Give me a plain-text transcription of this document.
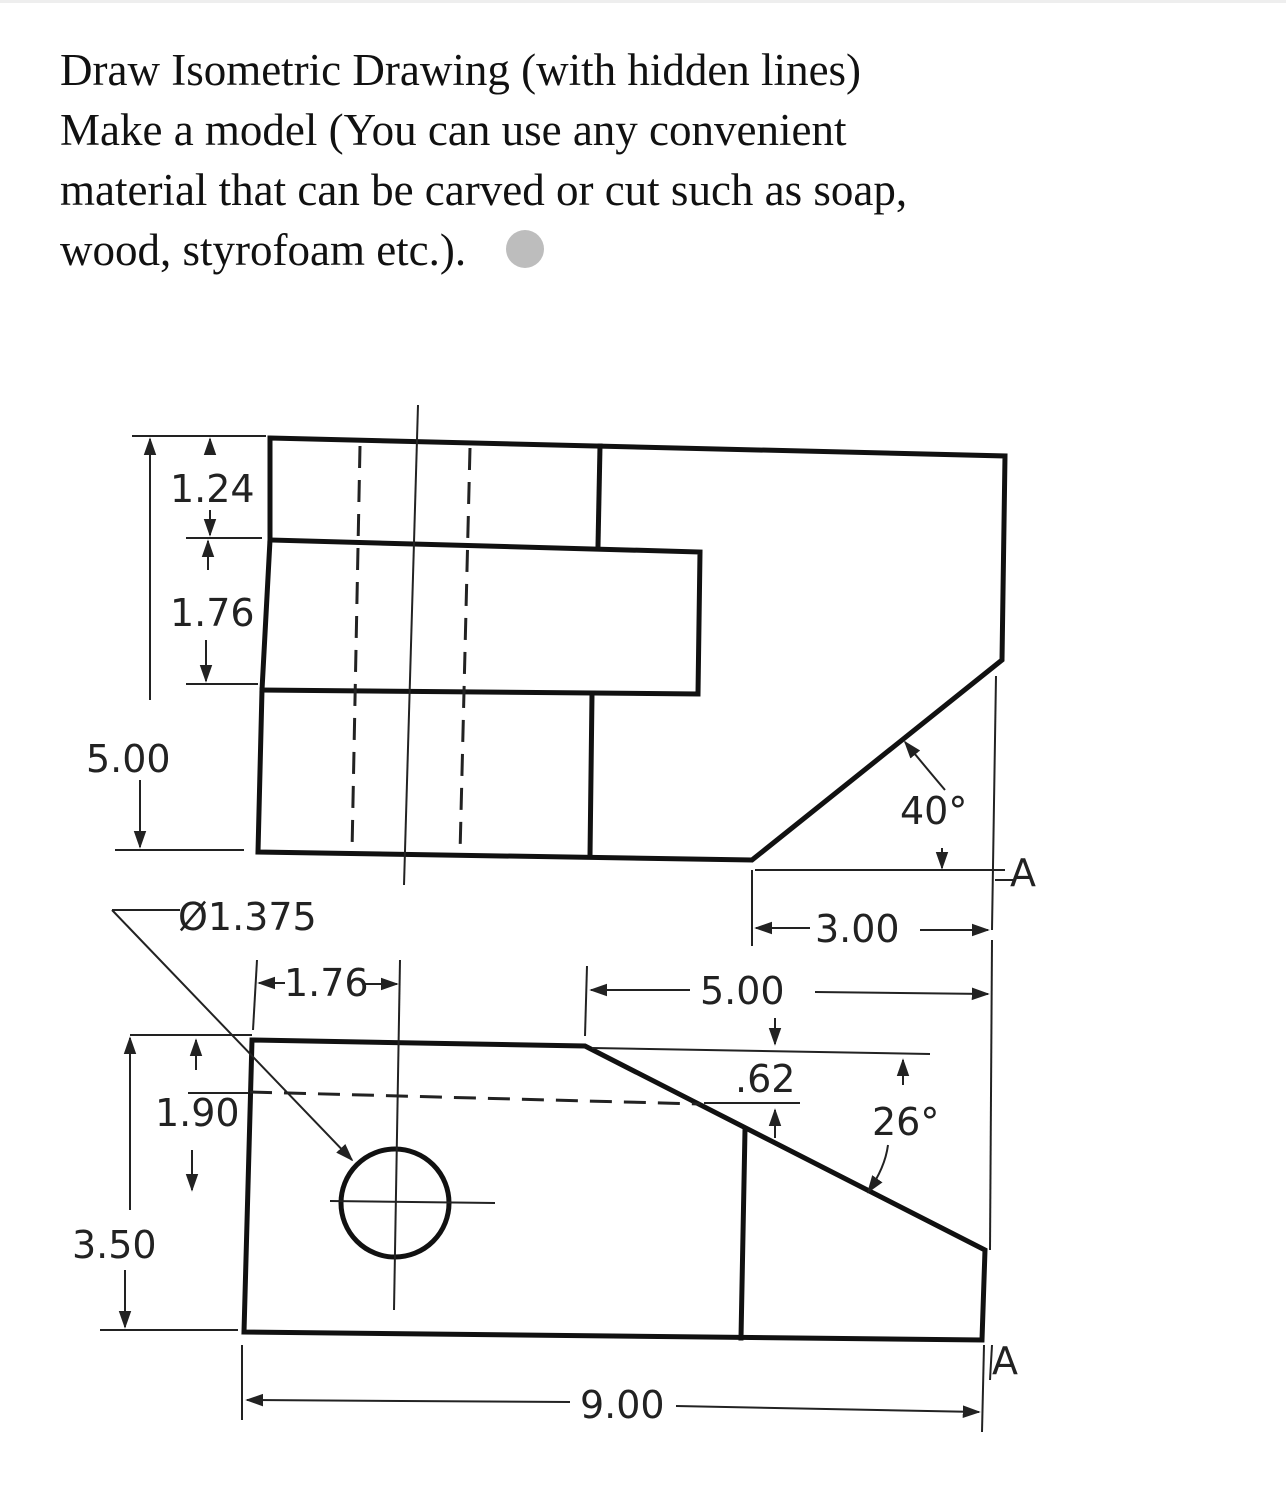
Draw Isometric Drawing (with hidden lines)
Make a model (You can use any convenient
material that can be carved or cut such as soap,
wood, styrofoam etc.).
1.24
1.76
5.00
40°
A
Ø1.375
1.76
3.00
5.00
.62
26°
1.90
3.50
9.00
A
